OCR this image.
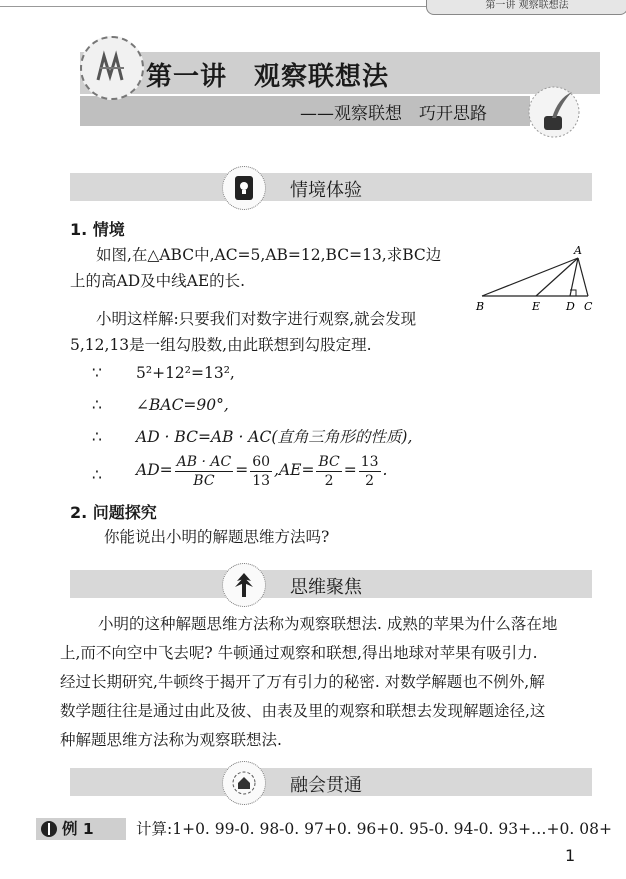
第一讲 观察联想法
第一讲　观察联想法
——观察联想　巧开思路
情境体验
1. 情境
如图,在△ABC中,AC=5,AB=12,BC=13,求BC边
上的高AD及中线AE的长.
小明这样解:只要我们对数字进行观察,就会发现
5,12,13是一组勾股数,由此联想到勾股定理.
∵ 5²+12²=13²,
∴ ∠BAC=90°,
∴ AD · BC=AB · AC(直角三角形的性质),
∴ $AD= \frac{AB \cdot AC}{BC} = \frac{60}{13} ,AE= \frac{BC}{2} = \frac{13}{2}$ .
A
B	E D C
2. 问题探究
你能说出小明的解题思维方法吗?
思维聚焦
小明的这种解题思维方法称为观察联想法. 成熟的苹果为什么落在地
上,而不向空中飞去呢? 牛顿通过观察和联想,得出地球对苹果有吸引力.
经过长期研究,牛顿终于揭开了万有引力的秘密. 对数学解题也不例外,解
数学题往往是通过由此及彼、由表及里的观察和联想去发现解题途径,这
种解题思维方法称为观察联想法.
融会贯通
例 1	计算:1+0. 99-0. 98-0. 97+0. 96+0. 95-0. 94-0. 93+…+0. 08+
1
